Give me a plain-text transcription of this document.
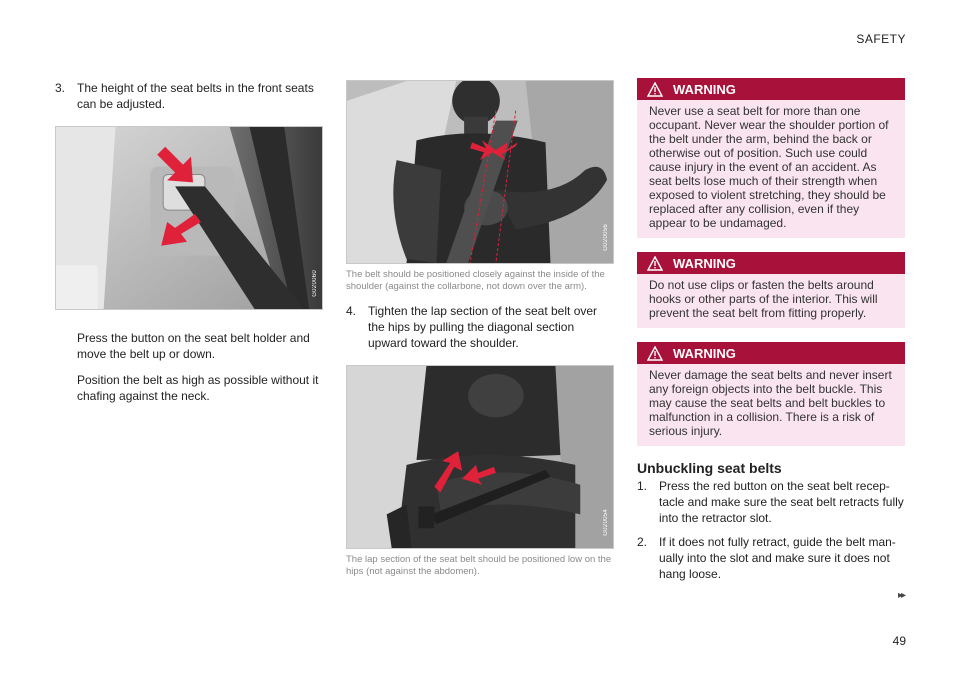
SAFETY
3. The height of the seat belts in the front seats can be adjusted.
G020060
Press the button on the seat belt holder and move the belt up or down.
Position the belt as high as possible without it chafing against the neck.
G020056
The belt should be positioned closely against the inside of the shoulder (against the collarbone, not down over the arm).
4. Tighten the lap section of the seat belt over the hips by pulling the diagonal section upward toward the shoulder.
G020054
The lap section of the seat belt should be positioned low on the hips (not against the abdomen).
WARNING
Never use a seat belt for more than one occupant. Never wear the shoulder portion of the belt under the arm, behind the back or otherwise out of position. Such use could cause injury in the event of an accident. As seat belts lose much of their strength when exposed to violent stretching, they should be replaced after any collision, even if they appear to be undamaged.
WARNING
Do not use clips or fasten the belts around hooks or other parts of the interior. This will prevent the seat belt from fitting properly.
WARNING
Never damage the seat belts and never insert any foreign objects into the belt buckle. This may cause the seat belts and belt buckles to malfunction in a collision. There is a risk of serious injury.
Unbuckling seat belts
1. Press the red button on the seat belt recep-tacle and make sure the seat belt retracts fully into the retractor slot.
2. If it does not fully retract, guide the belt man-ually into the slot and make sure it does not hang loose.
▸▸
49
